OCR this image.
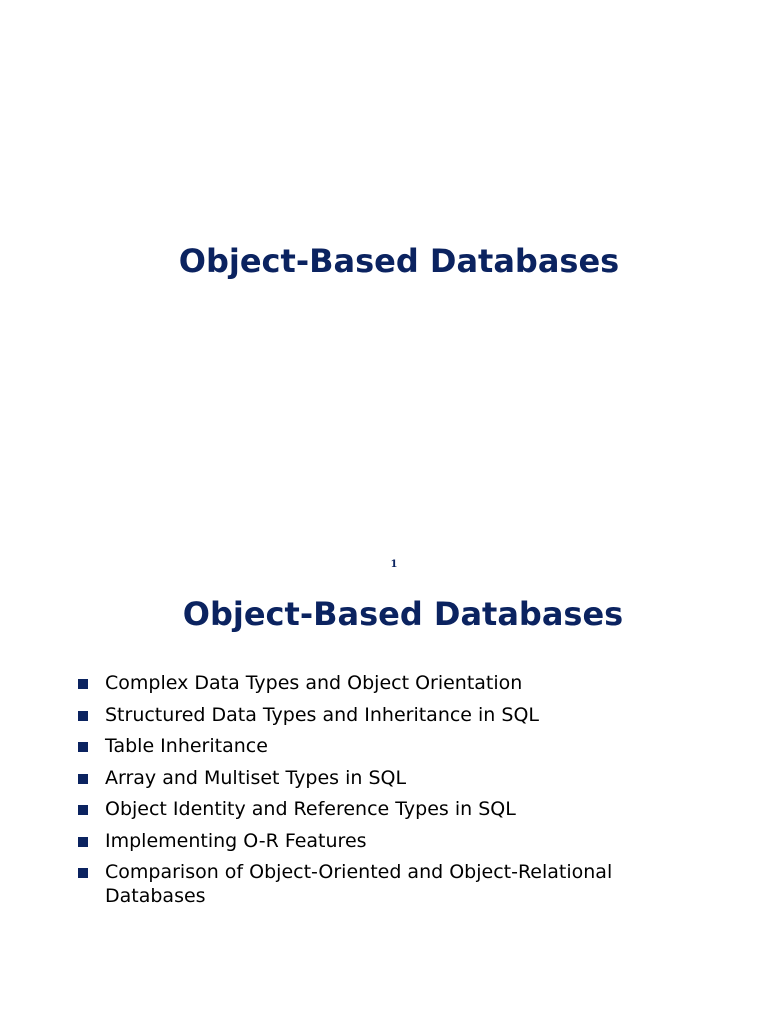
Object-Based Databases
1
Object-Based Databases
Complex Data Types and Object Orientation
Structured Data Types and Inheritance in SQL
Table Inheritance
Array and Multiset Types in SQL
Object Identity and Reference Types in SQL
Implementing O-R Features
Comparison of Object-Oriented and Object-Relational Databases
